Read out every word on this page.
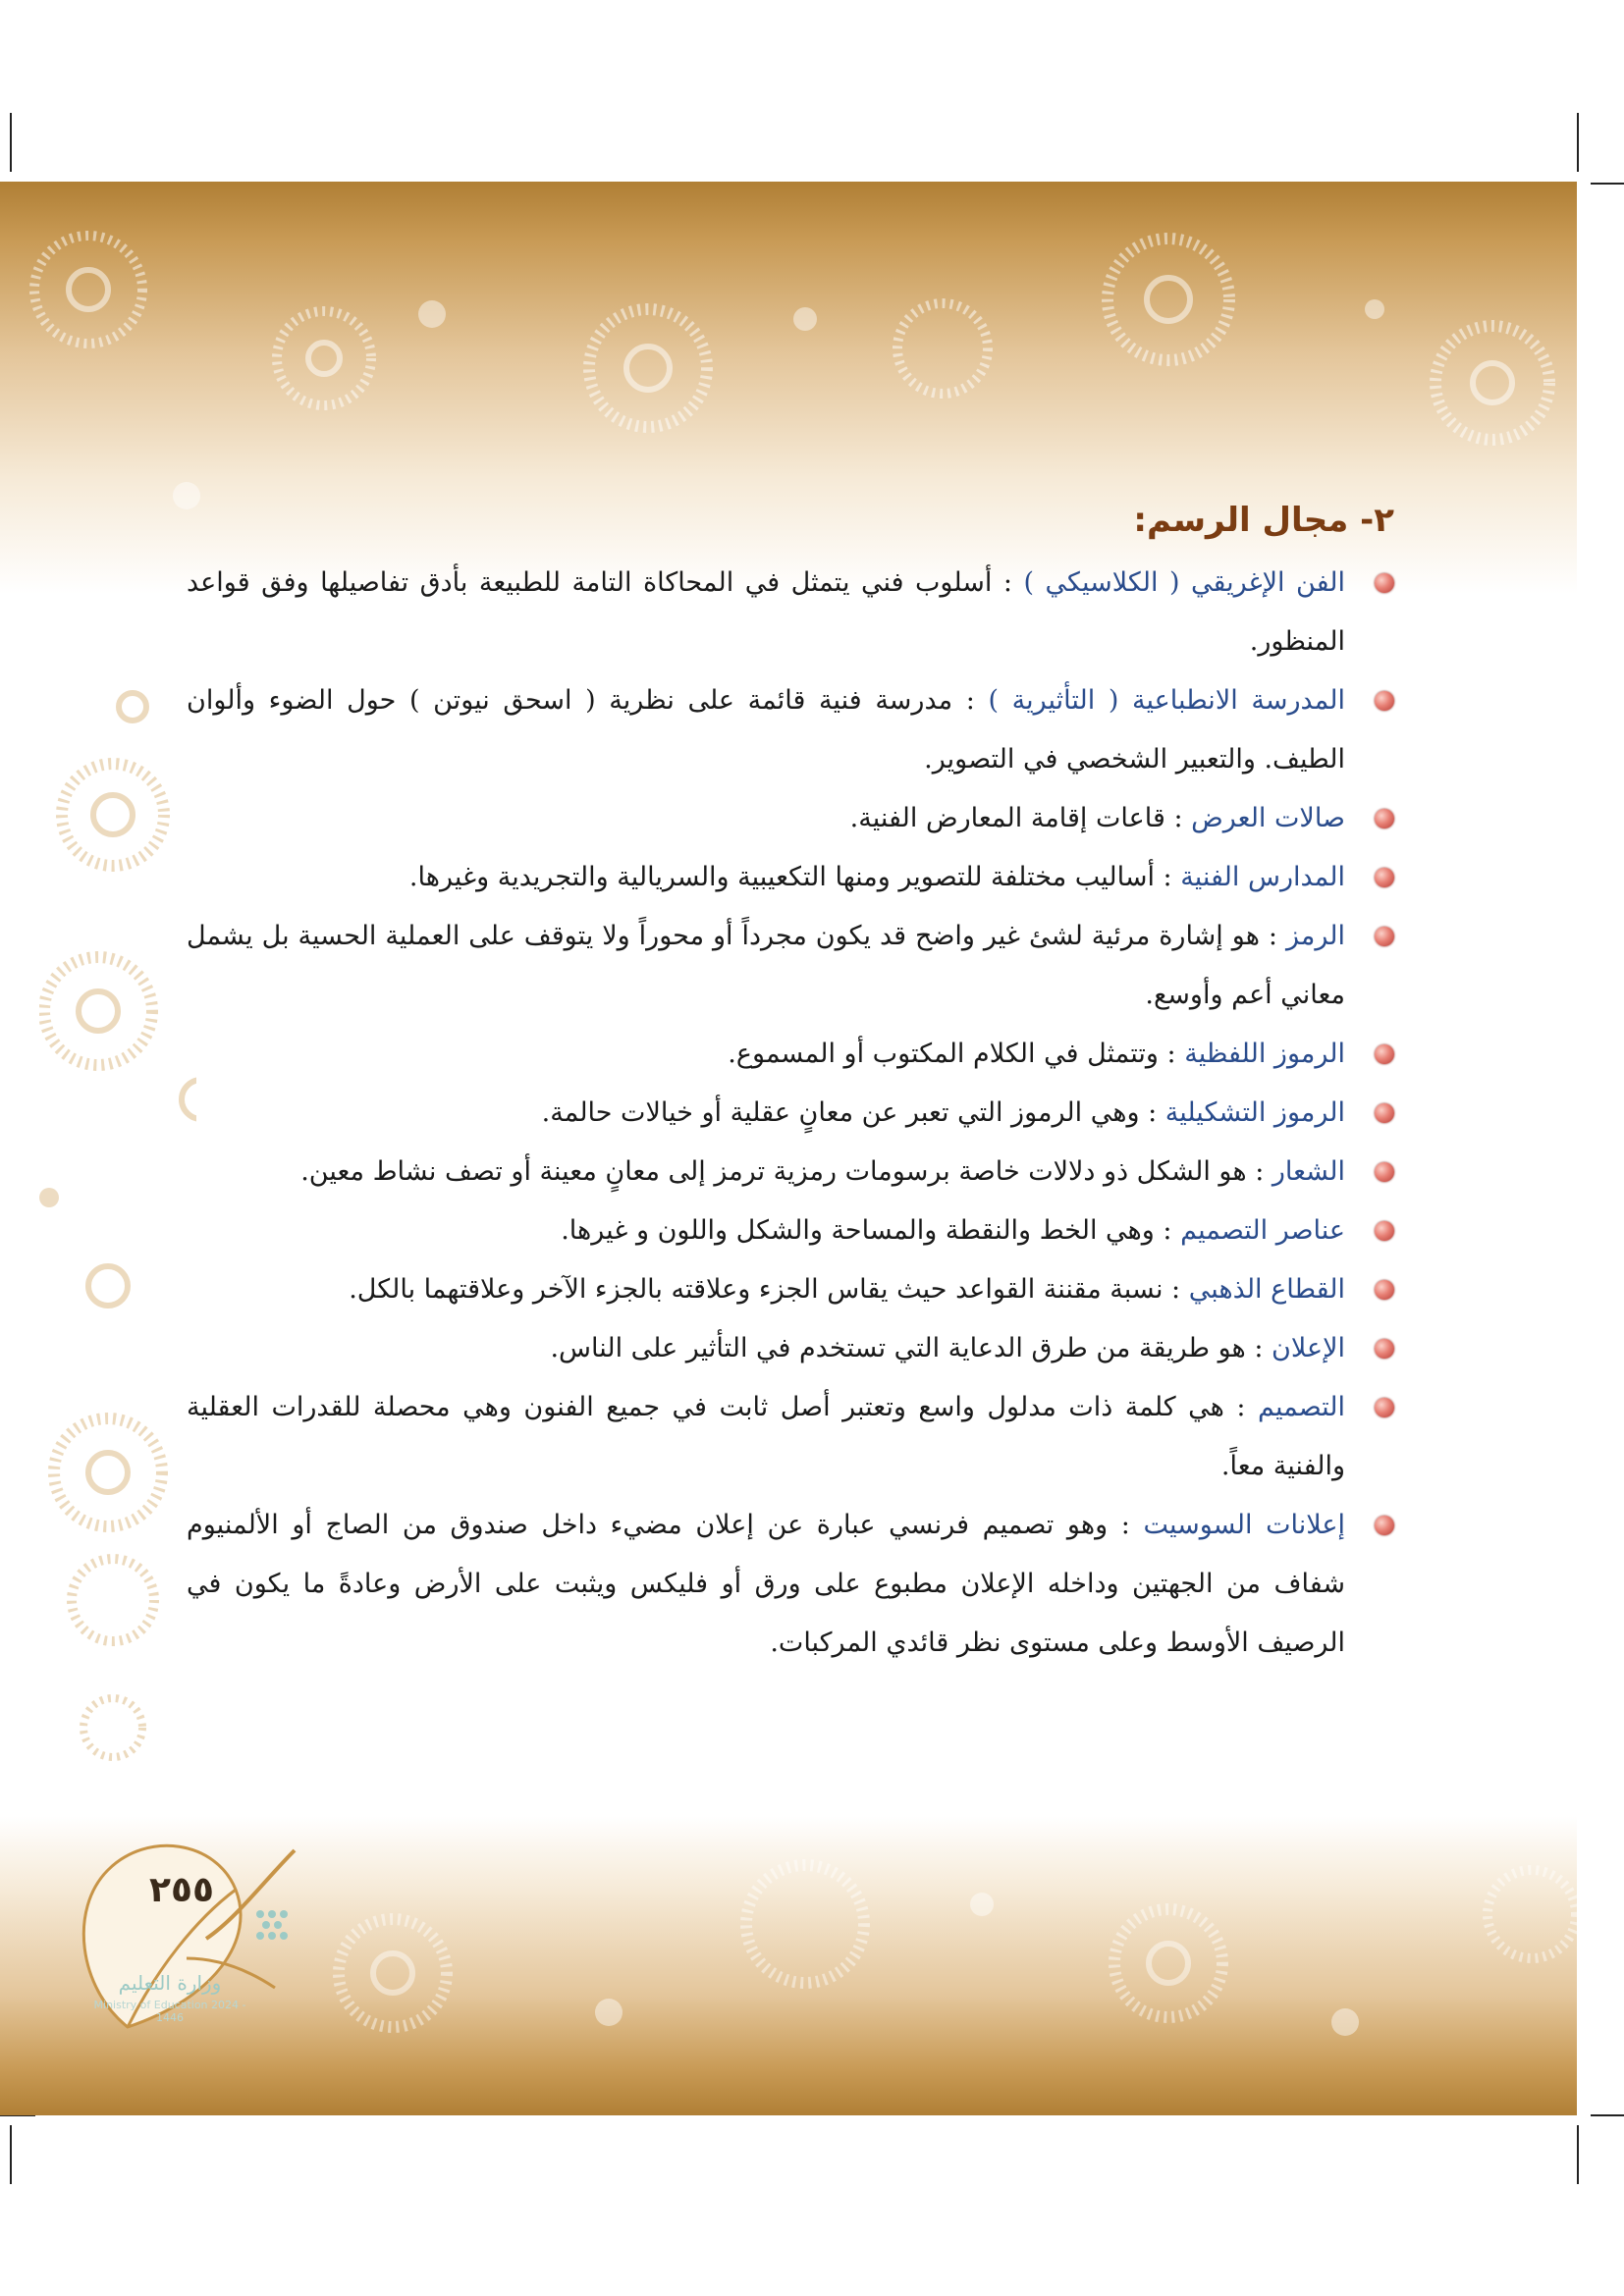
٢- مجال الرسم:

الفن الإغريقي ( الكلاسيكي ) : أسلوب فني يتمثل في المحاكاة التامة للطبيعة بأدق تفاصيلها وفق قواعد المنظور.

المدرسة الانطباعية ( التأثيرية ) : مدرسة فنية قائمة على نظرية ( اسحق نيوتن ) حول الضوء وألوان الطيف. والتعبير الشخصي في التصوير.

صالات العرض : قاعات إقامة المعارض الفنية.

المدارس الفنية : أساليب مختلفة للتصوير ومنها التكعيبية والسريالية والتجريدية وغيرها.

الرمز : هو إشارة مرئية لشئ غير واضح قد يكون مجرداً أو محوراً ولا يتوقف على العملية الحسية بل يشمل معاني أعم وأوسع.

الرموز اللفظية : وتتمثل في الكلام المكتوب أو المسموع.

الرموز التشكيلية : وهي الرموز التي تعبر عن معانٍ عقلية أو خيالات حالمة.

الشعار : هو الشكل ذو دلالات خاصة برسومات رمزية ترمز إلى معانٍ معينة أو تصف نشاط معين.

عناصر التصميم : وهي الخط والنقطة والمساحة والشكل واللون و غيرها.

القطاع الذهبي : نسبة مقننة القواعد حيث يقاس الجزء وعلاقته بالجزء الآخر وعلاقتهما بالكل.

الإعلان : هو طريقة من طرق الدعاية التي تستخدم في التأثير على الناس.

التصميم : هي كلمة ذات مدلول واسع وتعتبر أصل ثابت في جميع الفنون وهي محصلة للقدرات العقلية والفنية معاً.

إعلانات السوسيت : وهو تصميم فرنسي عبارة عن إعلان مضيء داخل صندوق من الصاج أو الألمنيوم شفاف من الجهتين وداخله الإعلان مطبوع على ورق أو فليكس ويثبت على الأرض وعادةً ما يكون في الرصيف الأوسط وعلى مستوى نظر قائدي المركبات.

٢٥٥
وزارة التعليم
Ministry of Education 2024 - 1446
